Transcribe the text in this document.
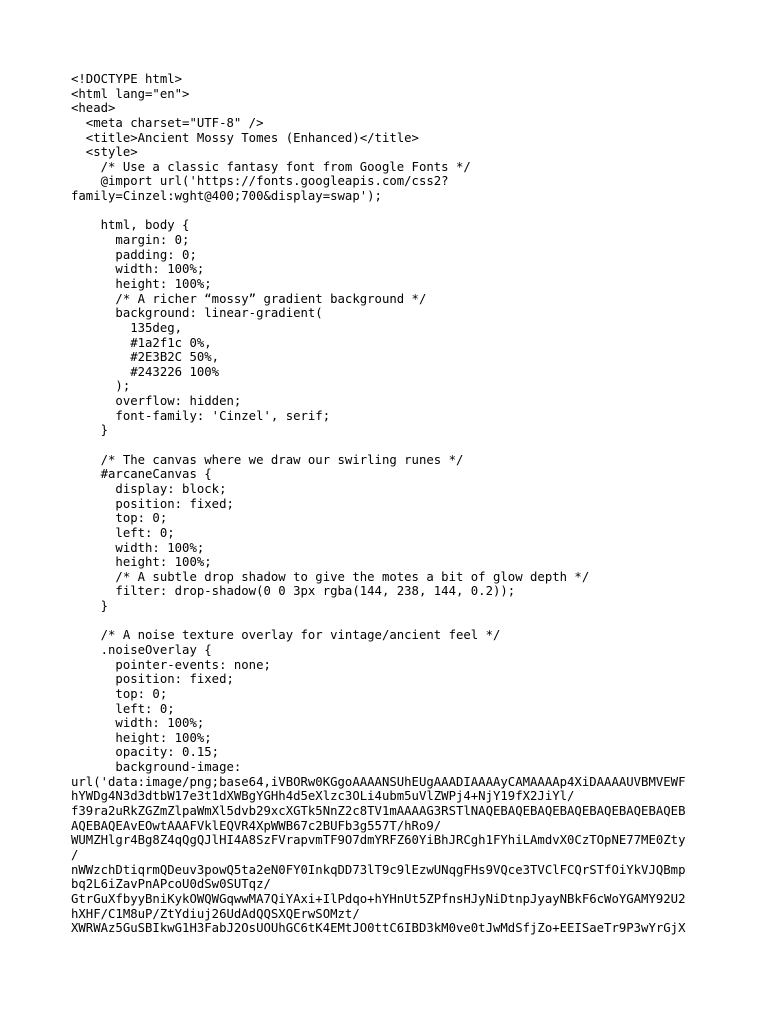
<!DOCTYPE html>
<html lang="en">
<head>
<meta charset="UTF-8" />
<title>Ancient Mossy Tomes (Enhanced)</title>
<style>
/* Use a classic fantasy font from Google Fonts */
@import url('https://fonts.googleapis.com/css2?
family=Cinzel:wght@400;700&display=swap');
html, body {
margin: 0;
padding: 0;
width: 100%;
height: 100%;
/* A richer “mossy” gradient background */
background: linear-gradient(
135deg,
#1a2f1c 0%,
#2E3B2C 50%,
#243226 100%
);
overflow: hidden;
font-family: 'Cinzel', serif;
}
/* The canvas where we draw our swirling runes */
#arcaneCanvas {
display: block;
position: fixed;
top: 0;
left: 0;
width: 100%;
height: 100%;
/* A subtle drop shadow to give the motes a bit of glow depth */
filter: drop-shadow(0 0 3px rgba(144, 238, 144, 0.2));
}
/* A noise texture overlay for vintage/ancient feel */
.noiseOverlay {
pointer-events: none;
position: fixed;
top: 0;
left: 0;
width: 100%;
height: 100%;
opacity: 0.15;
background-image:
url('data:image/png;base64,iVBORw0KGgoAAAANSUhEUgAAADIAAAAyCAMAAAAp4XiDAAAAUVBMVEWF
hYWDg4N3d3dtbW17e3t1dXWBgYGHh4d5eXlzc3OLi4ubm5uVlZWPj4+NjY19fX2JiYl/
f39ra2uRkZGZmZlpaWmXl5dvb29xcXGTk5NnZ2c8TV1mAAAAG3RSTlNAQEBAQEBAQEBAQEBAQEBAQEBAQEB
AQEBAQEAvEOwtAAAFVklEQVR4XpWWB67c2BUFb3g557T/hRo9/
WUMZHlgr4Bg8Z4qQgQJlHI4A8SzFVrapvmTF9O7dmYRFZ60YiBhJRCgh1FYhiLAmdvX0CzTOpNE77ME0Zty
/
nWWzchDtiqrmQDeuv3powQ5ta2eN0FY0InkqDD73lT9c9lEzwUNqgFHs9VQce3TVClFCQrSTfOiYkVJQBmp
bq2L6iZavPnAPcoU0dSw0SUTqz/
GtrGuXfbyyBniKykOWQWGqwwMA7QiYAxi+IlPdqo+hYHnUt5ZPfnsHJyNiDtnpJyayNBkF6cWoYGAMY92U2
hXHF/C1M8uP/ZtYdiuj26UdAdQQSXQErwSOMzt/
XWRWAz5GuSBIkwG1H3FabJ2OsUOUhGC6tK4EMtJO0ttC6IBD3kM0ve0tJwMdSfjZo+EEISaeTr9P3wYrGjX
